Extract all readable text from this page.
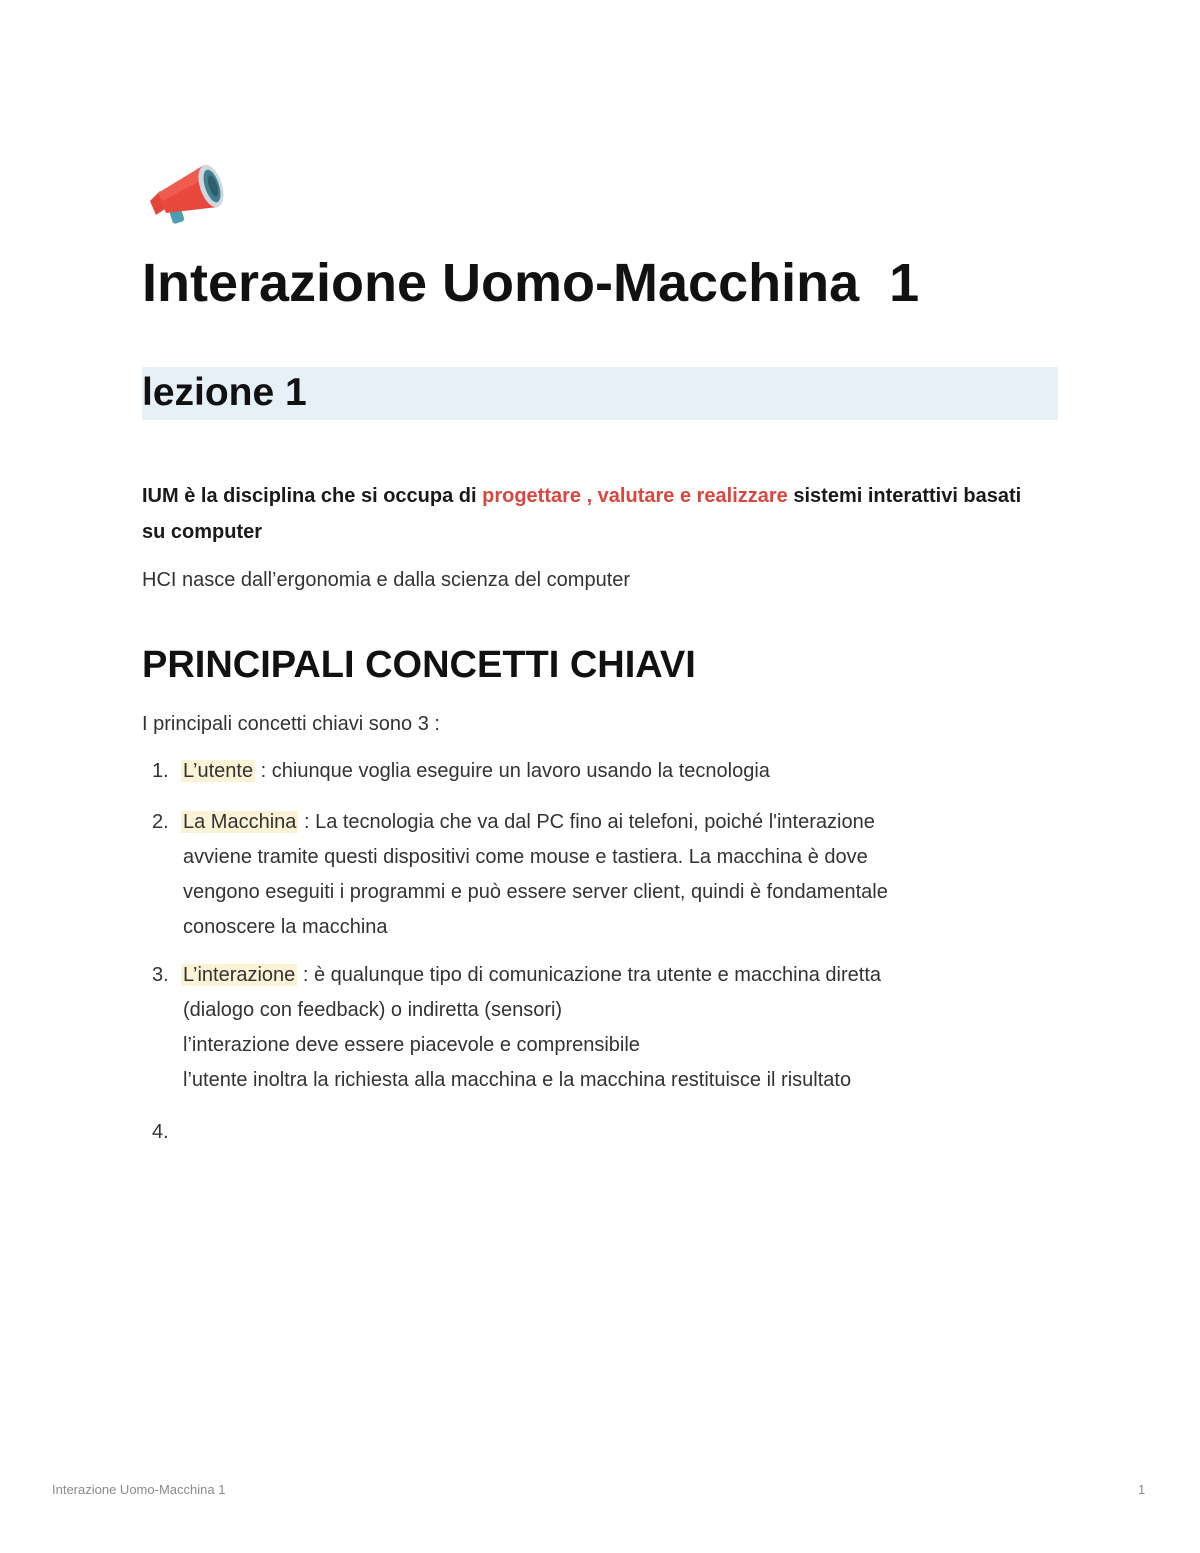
Interazione Uomo-Macchina  1
lezione 1

IUM è la disciplina che si occupa di progettare , valutare e realizzare sistemi interattivi basati su computer

HCI nasce dall’ergonomia e dalla scienza del computer

PRINCIPALI CONCETTI CHIAVI

I principali concetti chiavi sono 3 :

1. L’utente : chiunque voglia eseguire un lavoro usando la tecnologia
2. La Macchina : La tecnologia che va dal PC fino ai telefoni, poiché l'interazione
avviene tramite questi dispositivi come mouse e tastiera. La macchina è dove
vengono eseguiti i programmi e può essere server client, quindi è fondamentale
conoscere la macchina
3. L’interazione : è qualunque tipo di comunicazione tra utente e macchina diretta
(dialogo con feedback) o indiretta (sensori)
l’interazione deve essere piacevole e comprensibile
l’utente inoltra la richiesta alla macchina e la macchina restituisce il risultato
4.
Interazione Uomo-Macchina 1	1
